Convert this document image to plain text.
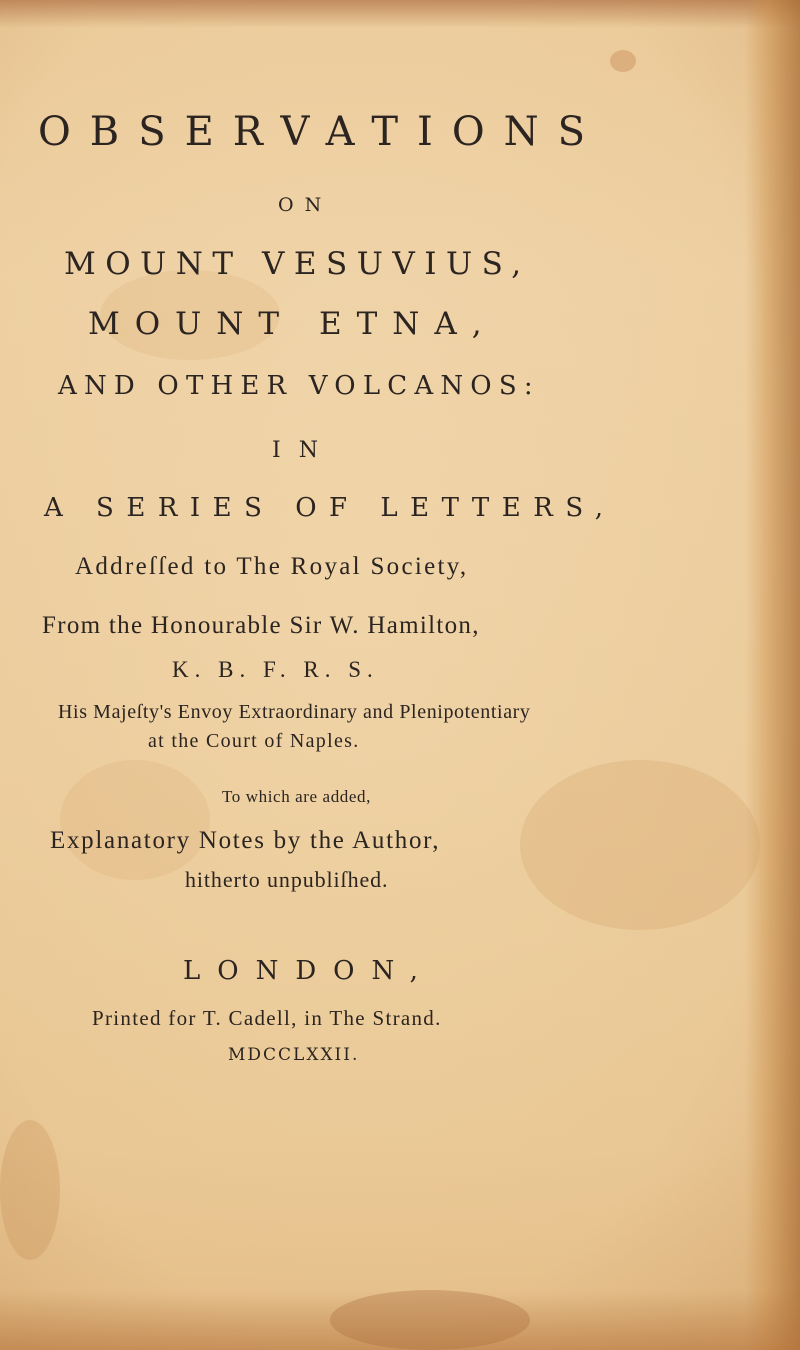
OBSERVATIONS
ON
MOUNT VESUVIUS,
MOUNT ETNA,
AND OTHER VOLCANOS:
IN
A SERIES OF LETTERS,
Addreſſed to The Royal Society,
From the Honourable Sir W. Hamilton,
K. B. F. R. S.
His Majeſty's Envoy Extraordinary and Plenipotentiary
at the Court of Naples.
To which are added,
Explanatory Notes by the Author,
hitherto unpubliſhed.
LONDON,
Printed for T. Cadell, in The Strand.
MDCCLXXII.
